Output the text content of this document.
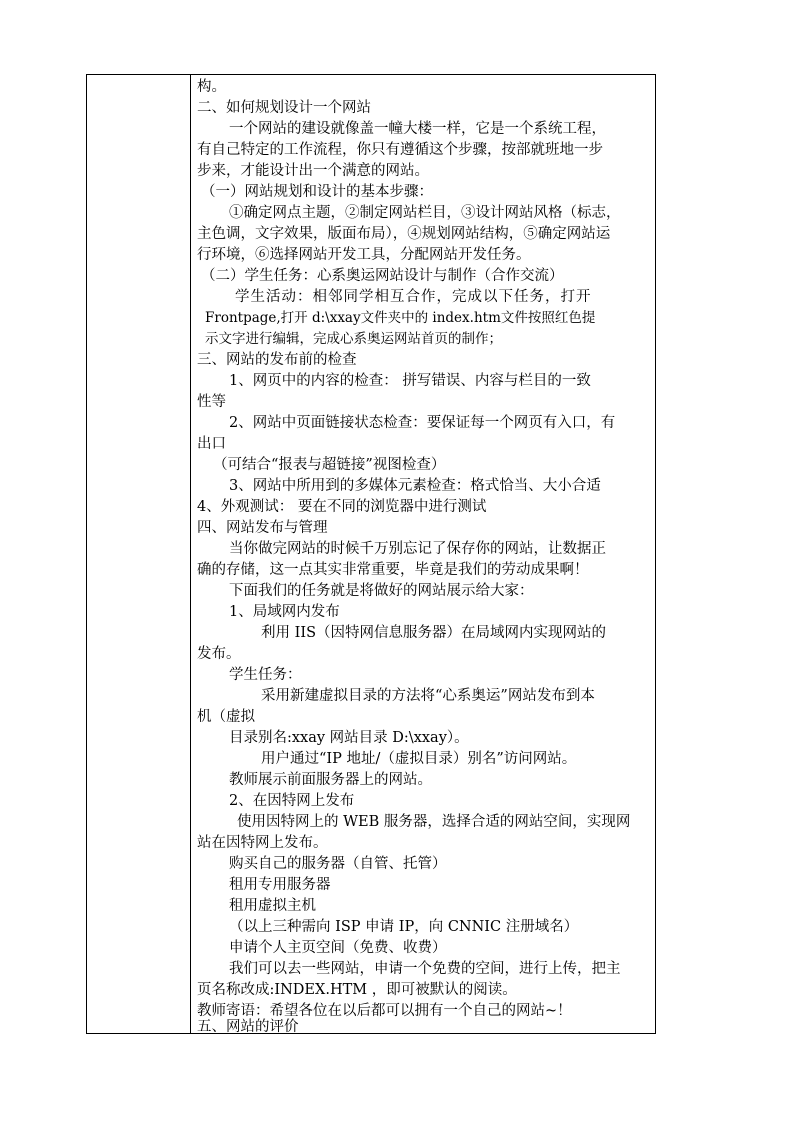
构。
二、如何规划设计一个网站
一个网站的建设就像盖一幢大楼一样，它是一个系统工程，
有自己特定的工作流程，你只有遵循这个步骤，按部就班地一步
步来，才能设计出一个满意的网站。
（一）网站规划和设计的基本步骤：
①确定网点主题，②制定网站栏目，③设计网站风格（标志，
主色调，文字效果，版面布局），④规划网站结构，⑤确定网站运
行环境，⑥选择网站开发工具，分配网站开发任务。
（二）学生任务：心系奥运网站设计与制作（合作交流）
学生活动：相邻同学相互合作，完成以下任务，打开
Frontpage,打开 d:\xxay文件夹中的 index.htm文件按照红色提
示文字进行编辑，完成心系奥运网站首页的制作；
三、网站的发布前的检查
1、网页中的内容的检查： 拼写错误、内容与栏目的一致
性等
2、网站中页面链接状态检查：要保证每一个网页有入口，有
出口
（可结合“报表与超链接”视图检查）
3、网站中所用到的多媒体元素检查：格式恰当、大小合适
4、外观测试： 要在不同的浏览器中进行测试
四、网站发布与管理
当你做完网站的时候千万别忘记了保存你的网站，让数据正
确的存储，这一点其实非常重要，毕竟是我们的劳动成果啊！
下面我们的任务就是将做好的网站展示给大家：
1、局域网内发布
利用 IIS（因特网信息服务器）在局域网内实现网站的
发布。
学生任务：
采用新建虚拟目录的方法将“心系奥运”网站发布到本
机（虚拟
目录别名:xxay 网站目录 D:\xxay）。
用户通过“IP 地址/（虚拟目录）别名”访问网站。
教师展示前面服务器上的网站。
2、在因特网上发布
使用因特网上的 WEB 服务器，选择合适的网站空间，实现网
站在因特网上发布。
购买自己的服务器（自管、托管）
租用专用服务器
租用虚拟主机
（以上三种需向 ISP 申请 IP，向 CNNIC 注册域名）
申请个人主页空间（免费、收费）
我们可以去一些网站，申请一个免费的空间，进行上传，把主
页名称改成:INDEX.HTM ，即可被默认的阅读。
教师寄语：希望各位在以后都可以拥有一个自己的网站~！
五、网站的评价
